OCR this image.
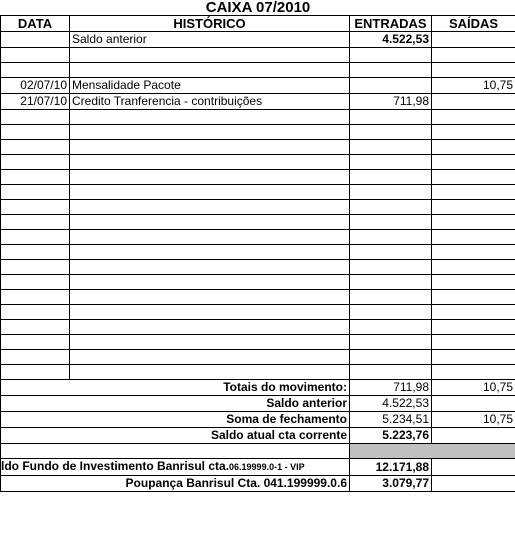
CAIXA 07/2010			
DATA	HISTÓRICO	ENTRADAS	SAÍDAS
	Saldo anterior	4.522,53	

02/07/10	Mensalidade Pacote		10,75
21/07/10	Credito Tranferencia - contribuições	711,98	

	Totais do movimento:	711,98	10,75
	Saldo anterior	4.522,53	
	Soma de fechamento	5.234,51	10,75
	Saldo atual cta corrente	5.223,76	

ldo Fundo de Investimento Banrisul cta.06.19999.0-1 - VIP		12.171,88	
Poupança Banrisul Cta. 041.199999.0.6		3.079,77	
